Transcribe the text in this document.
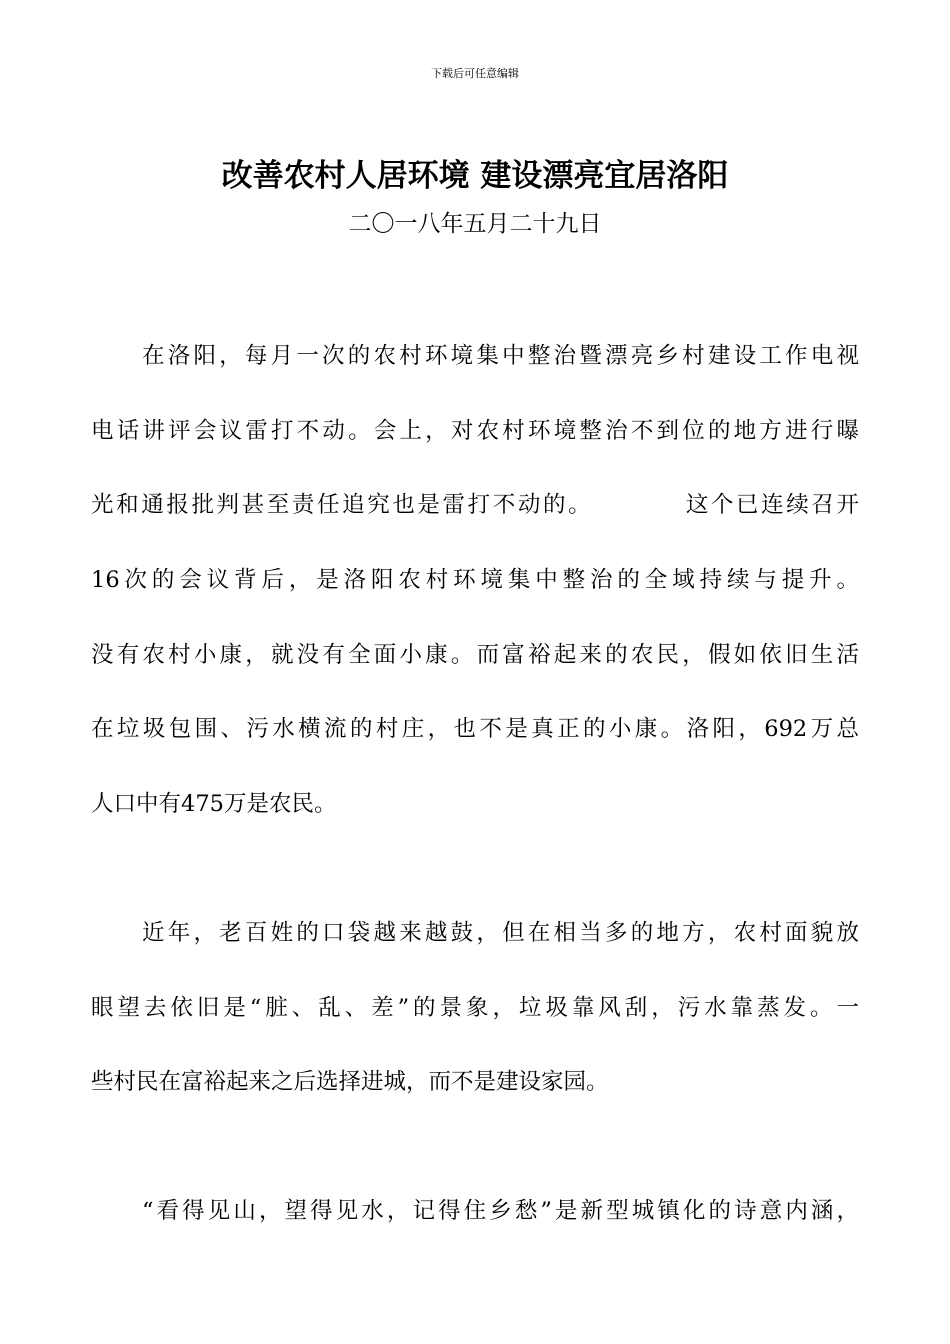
下载后可任意编辑
改善农村人居环境 建设漂亮宜居洛阳
二〇一八年五月二十九日
在洛阳，每月一次的农村环境集中整治暨漂亮乡村建设工作电视
电话讲评会议雷打不动。会上，对农村环境整治不到位的地方进行曝
光和通报批判甚至责任追究也是雷打不动的。	这个已连续召开
16次的会议背后，是洛阳农村环境集中整治的全域持续与提升。
没有农村小康，就没有全面小康。而富裕起来的农民，假如依旧生活
在垃圾包围、污水横流的村庄，也不是真正的小康。洛阳，692万总
人口中有475万是农民。
近年，老百姓的口袋越来越鼓，但在相当多的地方，农村面貌放
眼望去依旧是“脏、乱、差”的景象，垃圾靠风刮，污水靠蒸发。一
些村民在富裕起来之后选择进城，而不是建设家园。
“看得见山，望得见水，记得住乡愁”是新型城镇化的诗意内涵，
